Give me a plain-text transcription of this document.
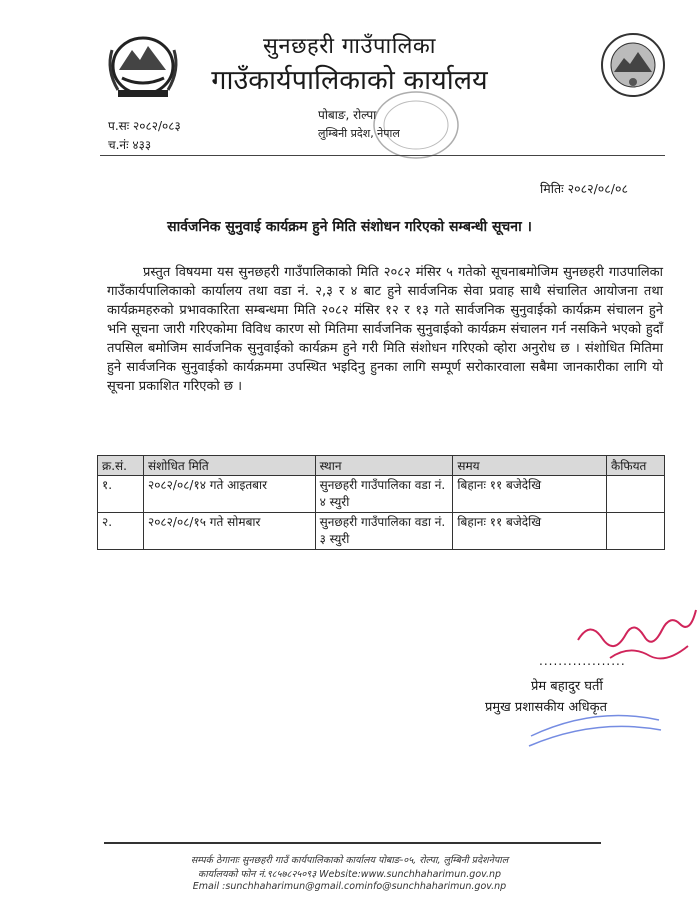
सुनछहरी गाउँपालिका
गाउँकार्यपालिकाको कार्यालय
पोबाङ, रोल्पा
लुम्बिनी प्रदेश, नेपाल
प.सः २०८२/०८३
च.नंः ४३३
मितिः २०८२/०८/०८
सार्वजनिक सुनुवाई कार्यक्रम हुने मिति संशोधन गरिएको सम्बन्धी सूचना ।
प्रस्तुत विषयमा यस सुनछहरी गाउँपालिकाको मिति २०८२ मंसिर ५ गतेको सूचनाबमोजिम सुनछहरी गाउपालिका गाउँकार्यपालिकाको कार्यालय तथा वडा नं. २,३ र ४ बाट हुने सार्वजनिक सेवा प्रवाह साथै संचालित आयोजना तथा कार्यक्रमहरुको प्रभावकारिता सम्बन्धमा मिति २०८२ मंसिर १२ र १३ गते सार्वजनिक सुनुवाईको कार्यक्रम संचालन हुने भनि सूचना जारी गरिएकोमा विविध कारण सो मितिमा सार्वजनिक सुनुवाईको कार्यक्रम संचालन गर्न नसकिने भएको हुदाँ तपसिल बमोजिम सार्वजनिक सुनुवाईको कार्यक्रम हुने गरी मिति संशोधन गरिएको व्होरा अनुरोध छ । संशोधित मितिमा हुने सार्वजनिक सुनुवाईको कार्यक्रममा उपस्थित भइदिनु हुनका लागि सम्पूर्ण सरोकारवाला सबैमा जानकारीका लागि यो सूचना प्रकाशित गरिएको छ ।
क्र.सं.	संशोधित मिति	स्थान	समय	कैफियत
१.	२०८२/०८/१४ गते आइतबार	सुनछहरी गाउँपालिका वडा नं. ४ स्युरी	बिहानः ११ बजेदेखि	
२.	२०८२/०८/१५ गते सोमबार	सुनछहरी गाउँपालिका वडा नं. ३ स्युरी	बिहानः ११ बजेदेखि	
..................
प्रेम बहादुर घर्ती
प्रमुख प्रशासकीय अधिकृत
सम्पर्क ठेगानाः सुनछहरी गाउँ कार्यपालिकाको कार्यालय पोबाङ-०५, रोल्पा, लुम्बिनी प्रदेशनेपाल
कार्यालयको फोन नं.९८५७८२५०९३ Website:www.sunchhaharimun.gov.np
Email :sunchhaharimun@gmail.cominfo@sunchhaharimun.gov.np
